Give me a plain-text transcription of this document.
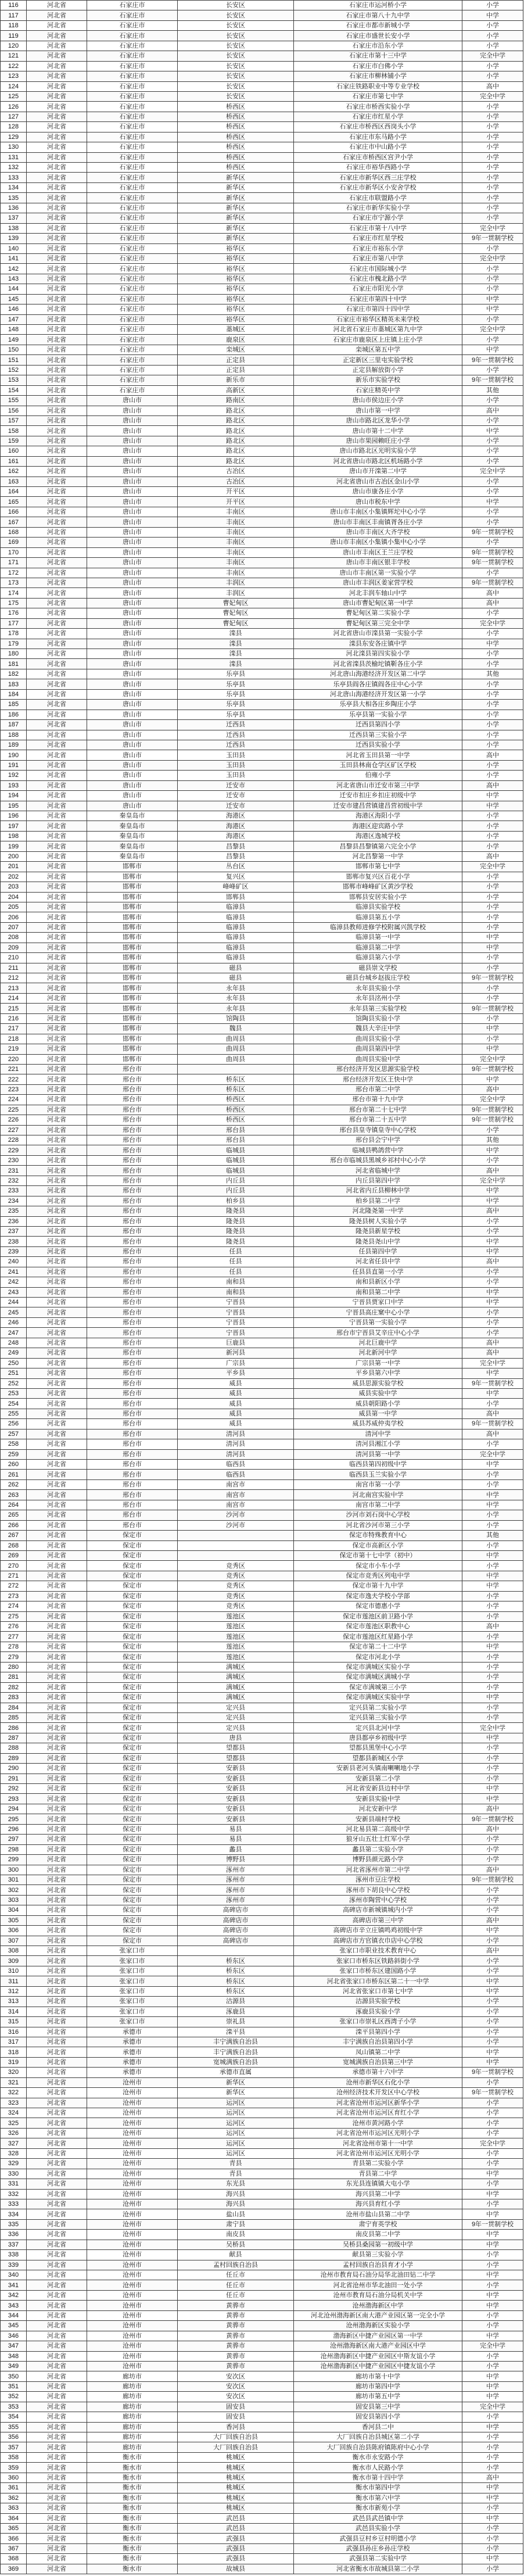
116	河北省	石家庄市	长安区	石家庄市运河桥小学	小学
117	河北省	石家庄市	长安区	石家庄市第八十九中学	中学
118	河北省	石家庄市	长安区	石家庄市都市新城小学	小学
119	河北省	石家庄市	长安区	石家庄市盛世长安小学	小学
120	河北省	石家庄市	长安区	石家庄市沿东小学	小学
121	河北省	石家庄市	长安区	石家庄市第十三中学	完全中学
122	河北省	石家庄市	长安区	石家庄市白佛小学	小学
123	河北省	石家庄市	长安区	石家庄市柳林铺小学	小学
124	河北省	石家庄市	长安区	石家庄铁路职业中等专业学校	高中
125	河北省	石家庄市	长安区	石家庄市第七中学	完全中学
126	河北省	石家庄市	桥西区	石家庄市桥西实验小学	小学
127	河北省	石家庄市	桥西区	石家庄市红星小学	小学
128	河北省	石家庄市	桥西区	石家庄市桥西区西岗头小学	小学
129	河北省	石家庄市	桥西区	石家庄市东马路小学	小学
130	河北省	石家庄市	桥西区	石家庄市中山路小学	小学
131	河北省	石家庄市	桥西区	石家庄市桥西区宫尹小学	小学
132	河北省	石家庄市	桥西区	石家庄市裕华西路小学	小学
133	河北省	石家庄市	新华区	石家庄市新华区西三庄学校	小学
134	河北省	石家庄市	新华区	石家庄市新华区小安舍学校	小学
135	河北省	石家庄市	新华区	石家庄市联盟路小学	小学
136	河北省	石家庄市	新华区	石家庄市新华实验小学	小学
137	河北省	石家庄市	新华区	石家庄市宁源小学	小学
138	河北省	石家庄市	新华区	石家庄市第十八中学	完全中学
139	河北省	石家庄市	新华区	石家庄市红星学校	9年一贯制学校
140	河北省	石家庄市	裕华区	石家庄市裕东小学	小学
141	河北省	石家庄市	裕华区	石家庄市第八中学	完全中学
142	河北省	石家庄市	裕华区	石家庄市国际城小学	小学
143	河北省	石家庄市	裕华区	石家庄市槐北路小学	小学
144	河北省	石家庄市	裕华区	石家庄市阳光小学	小学
145	河北省	石家庄市	裕华区	石家庄市第四十中学	中学
146	河北省	石家庄市	裕华区	石家庄市第四十四中学	中学
147	河北省	石家庄市	裕华区	石家庄市裕华区精英未来学校	小学
148	河北省	石家庄市	藁城区	河北省石家庄市藁城区第九中学	完全中学
149	河北省	石家庄市	鹿泉区	石家庄市鹿泉区上庄镇上庄小学	小学
150	河北省	石家庄市	栾城区	栾城区第五中学	中学
151	河北省	石家庄市	正定县	正定新区三里屯实验学校	9年一贯制学校
152	河北省	石家庄市	正定县	正定县解放街小学	小学
153	河北省	石家庄市	新乐市	新乐市实验学校	9年一贯制学校
154	河北省	石家庄市	高新区	石家庄精英中学	其他
155	河北省	唐山市	路南区	唐山市侯边庄小学	小学
156	河北省	唐山市	路北区	唐山市第一中学	高中
157	河北省	唐山市	路北区	唐山市路北区龙华小学	小学
158	河北省	唐山市	路北区	唐山市第十二中学	中学
159	河北省	唐山市	路北区	唐山市果园赖旺庄小学	小学
160	河北省	唐山市	路北区	唐山市路北区光明实验小学	小学
161	河北省	唐山市	路北区	河北省唐山市路北区机场路小学	小学
162	河北省	唐山市	古冶区	唐山市开滦第二中学	完全中学
163	河北省	唐山市	古冶区	河北省唐山市古冶区金山小学	小学
164	河北省	唐山市	开平区	唐山市康各庄小学	小学
165	河北省	唐山市	开平区	唐山市税东中学	中学
166	河北省	唐山市	丰南区	唐山市丰南区小集镇辉坨中心小学	小学
167	河北省	唐山市	丰南区	唐山市丰南区丰南镇胥各庄小学	小学
168	河北省	唐山市	丰南区	唐山市丰南区大齐学校	9年一贯制学校
169	河北省	唐山市	丰南区	唐山市丰南区小集镇小集中心小学	小学
170	河北省	唐山市	丰南区	唐山市丰南区王兰庄学校	9年一贯制学校
171	河北省	唐山市	丰南区	唐山市丰南区银丰学校	9年一贯制学校
172	河北省	唐山市	丰南区	唐山市丰南区第一实验小学	小学
173	河北省	唐山市	丰润区	唐山市丰润区姜家营学校	9年一贯制学校
174	河北省	唐山市	丰润区	河北丰润车轴山中学	高中
175	河北省	唐山市	曹妃甸区	唐山市曹妃甸区第一中学	高中
176	河北省	唐山市	曹妃甸区	曹妃甸区第二实验小学	小学
177	河北省	唐山市	曹妃甸区	曹妃甸区第三完全中学	完全中学
178	河北省	唐山市	滦县	河北省唐山市滦县第一实验小学	小学
179	河北省	唐山市	滦县	滦县东安各庄镇中学	中学
180	河北省	唐山市	滦县	河北滦县第四实验小学	小学
181	河北省	唐山市	滦县	河北省滦县茨榆坨镇靳各庄小学	小学
182	河北省	唐山市	乐亭县	河北唐山海港经济开发区第二中学	其他
183	河北省	唐山市	乐亭县	乐亭县阎各庄镇阎各庄中心小学	小学
184	河北省	唐山市	乐亭县	河北唐山海港经济开发区第一小学	小学
185	河北省	唐山市	乐亭县	乐亭县大相各庄乡陶庄小学	小学
186	河北省	唐山市	乐亭县	乐亭县第一实验小学	小学
187	河北省	唐山市	迁西县	迁西县第四小学	小学
188	河北省	唐山市	迁西县	迁西县第三实验小学	小学
189	河北省	唐山市	迁西县	迁西县实验小学	小学
190	河北省	唐山市	玉田县	河北省玉田县第一中学	高中
191	河北省	唐山市	玉田县	玉田县林南仓学区矿区学校	小学
192	河北省	唐山市	玉田县	伯雍小学	小学
193	河北省	唐山市	迁安市	河北省唐山市迁安市第三中学	高中
194	河北省	唐山市	迁安市	迁安市扣庄乡扣庄初级中学	中学
195	河北省	唐山市	迁安市	迁安市建昌营镇建昌营初级中学	中学
196	河北省	秦皇岛市	海港区	海港区海阳小学	小学
197	河北省	秦皇岛市	海港区	海港区迎宾路小学	小学
198	河北省	秦皇岛市	海港区	海港区逸城学校	小学
199	河北省	秦皇岛市	昌黎县	昌黎县昌黎镇第六完全小学	小学
200	河北省	秦皇岛市	昌黎县	河北昌黎第一中学	高中
201	河北省	邯郸市	丛台区	邯郸市第七中学	完全中学
202	河北省	邯郸市	复兴区	邯郸市复兴区百花小学	小学
203	河北省	邯郸市	峰峰矿区	邯郸市峰峰矿区黄沙学校	小学
204	河北省	邯郸市	邯郸县	邯郸县安居实验小学	小学
205	河北省	邯郸市	临漳县	临漳县实验学校	小学
206	河北省	邯郸市	临漳县	临漳县第五小学	小学
207	河北省	邯郸市	临漳县	临漳县教师进修学校附属兴凯学校	小学
208	河北省	邯郸市	临漳县	临漳县第一中学	中学
209	河北省	邯郸市	临漳县	临漳县第二中学	中学
210	河北省	邯郸市	临漳县	临漳县第六小学	小学
211	河北省	邯郸市	磁县	磁县崇文学校	小学
212	河北省	邯郸市	磁县	磁县台城乡赵拔庄学校	9年一贯制学校
213	河北省	邯郸市	永年县	永年县实验小学	小学
214	河北省	邯郸市	永年县	永年县洺州小学	小学
215	河北省	邯郸市	永年县	永年县第三实验学校	9年一贯制学校
216	河北省	邯郸市	馆陶县	馆陶县实验小学	小学
217	河北省	邯郸市	魏县	魏县大辛庄中学	中学
218	河北省	邯郸市	曲周县	曲周县实验小学	小学
219	河北省	邯郸市	曲周县	曲周县第四中学	中学
220	河北省	邯郸市	曲周县	曲周县实验中学	完全中学
221	河北省	邢台市		邢台经济开发区思源实验学校	9年一贯制学校
222	河北省	邢台市	桥东区	邢台经济开发区王快中学	中学
223	河北省	邢台市	桥东区	邢台市第二中学	高中
224	河北省	邢台市	桥西区	邢台市第十九中学	完全中学
225	河北省	邢台市	桥西区	邢台市第二十七中学	9年一贯制学校
226	河北省	邢台市	桥西区	邢台市第二十五中学	9年一贯制学校
227	河北省	邢台市	邢台县	邢台县皇寺镇皇寺中心学校	小学
228	河北省	邢台市	邢台县	邢台县会宁中学	其他
229	河北省	邢台市	临城县	临城县鸭鸽营中学	中学
230	河北省	邢台市	临城县	邢台市临城县黑城乡祁村中心小学	小学
231	河北省	邢台市	临城县	河北省临城中学	高中
232	河北省	邢台市	内丘县	内丘县第四中学	完全中学
233	河北省	邢台市	内丘县	河北省内丘县柳林中学	中学
234	河北省	邢台市	柏乡县	柏乡县第二中学	中学
235	河北省	邢台市	隆尧县	河北隆尧第一中学	高中
236	河北省	邢台市	隆尧县	隆尧县树人实验小学	小学
237	河北省	邢台市	隆尧县	隆尧县新星学校	小学
238	河北省	邢台市	隆尧县	隆尧县尧山中学	中学
239	河北省	邢台市	任县	任县第四中学	中学
240	河北省	邢台市	任县	河北省任县中学	高中
241	河北省	邢台市	任县	任县县直第一小学	小学
242	河北省	邢台市	南和县	南和县新区小学	小学
243	河北省	邢台市	南和县	南和县第二中学	中学
244	河北省	邢台市	宁晋县	宁晋县贾家口中学	中学
245	河北省	邢台市	宁晋县	宁晋县高庄窠中心小学	小学
246	河北省	邢台市	宁晋县	宁晋县第一实验小学	小学
247	河北省	邢台市	宁晋县	邢台市宁晋县艾辛庄中心小学	小学
248	河北省	邢台市	巨鹿县	河北巨鹿中学	高中
249	河北省	邢台市	新河县	河北新河中学	高中
250	河北省	邢台市	广宗县	广宗县第一中学	完全中学
251	河北省	邢台市	平乡县	平乡县第六中学	中学
252	河北省	邢台市	威县	威县思源实验学校	9年一贯制学校
253	河北省	邢台市	威县	威县实验中学	中学
254	河北省	邢台市	威县	威县朝阳路小学	小学
255	河北省	邢台市	威县	威县第一中学	高中
256	河北省	邢台市	威县	威县苏威仲夷学校	9年一贯制学校
257	河北省	邢台市	清河县	清河中学	高中
258	河北省	邢台市	清河县	清河县湘江小学	小学
259	河北省	邢台市	清河县	清河县第一中学	完全中学
260	河北省	邢台市	临西县	临西县第四初级中学	中学
261	河北省	邢台市	临西县	临西县玉兰实验小学	小学
262	河北省	邢台市	南宫市	南宫市第一小学	小学
263	河北省	邢台市	南宫市	河北南宫实验中学	中学
264	河北省	邢台市	南宫市	南宫市第二中学	中学
265	河北省	邢台市	沙河市	沙河市刘石岗中心学校	小学
266	河北省	邢台市	沙河市	河北省沙河市第三小学	小学
267	河北省	保定市		保定市特殊教育中心	其他
268	河北省	保定市		保定市高新区小学	小学
269	河北省	保定市		保定市第十七中学（初中）	中学
270	河北省	保定市	竞秀区	保定市小车小学	小学
271	河北省	保定市	竞秀区	保定市竞秀区列电中学	中学
272	河北省	保定市	竞秀区	保定市第十九中学	中学
273	河北省	保定市	竞秀区	保定市逸夫学校小学部	小学
274	河北省	保定市	竞秀区	保定市德惠小学	小学
275	河北省	保定市	莲池区	保定市莲池区前卫路小学	小学
276	河北省	保定市	莲池区	保定市莲池区职教中心	高中
277	河北省	保定市	莲池区	保定市莲池区红星路小学	小学
278	河北省	保定市	莲池区	保定市第二十二中学	中学
279	河北省	保定市	莲池区	保定市河北小学	小学
280	河北省	保定市	满城区	保定市满城区实验小学	小学
281	河北省	保定市	满城区	保定市满城区满城小学	小学
282	河北省	保定市	满城区	保定市满城第三小学	小学
283	河北省	保定市	满城区	保定市满城区实验中学	中学
284	河北省	保定市	定兴县	定兴县第二实验小学	小学
285	河北省	保定市	定兴县	定兴县第三实验小学	小学
286	河北省	保定市	定兴县	定兴县北河中学	完全中学
287	河北省	保定市	唐县	唐县都亭乡初级中学	中学
288	河北省	保定市	望都县	望都县黑堡中心小学	小学
289	河北省	保定市	望都县	望都县新城区小学	小学
290	河北省	保定市	安新县	安新县老河头镇南喇喇地小学	小学
291	河北省	保定市	安新县	安新县第二小学	小学
292	河北省	保定市	安新县	河北省安新县边村中学	中学
293	河北省	保定市	安新县	安新县实验中学	中学
294	河北省	保定市	安新县	河北安新中学	高中
295	河北省	保定市	安新县	安新县端村学校	9年一贯制学校
296	河北省	保定市	易县	河北易县第二高级中学	高中
297	河北省	保定市	易县	狼牙山五壮士红军小学	小学
298	河北省	保定市	蠡县	蠡县第二实验小学	小学
299	河北省	保定市	博野县	博野县颜元路小学	小学
300	河北省	保定市	涿州市	河北省涿州市第二中学	高中
301	河北省	保定市	涿州市	涿州市豆庄学校	9年一贯制学校
302	河北省	保定市	涿州市	涿州市下胡良中心学校	小学
303	河北省	保定市	涿州市	涿州市陶营中心学校	小学
304	河北省	保定市	高碑店市	高碑店市新城镇城内小学	小学
305	河北省	保定市	高碑店市	高碑店市第三中学	高中
306	河北省	保定市	高碑店市	高碑店市辛立庄镇鸣鸡初级中学	中学
307	河北省	保定市	高碑店市	高碑店市方官镇衣巾店中心学校	小学
308	河北省	张家口市		张家口市职业技术教育中心	高中
309	河北省	张家口市	桥东区	张家口市桥东区铁路斜街小学	小学
310	河北省	张家口市	桥东区	张家口市桥东区建国路小学	小学
311	河北省	张家口市	桥东区	河北省张家口市桥东区第二十一中学	中学
312	河北省	张家口市	桥东区	河北省张家口市第七中学	中学
313	河北省	张家口市	沽源县	沽源县实验学校	小学
314	河北省	张家口市	涿鹿县	涿鹿县实验小学	小学
315	河北省	张家口市	崇礼县	张家口市崇礼区西湾子小学	小学
316	河北省	承德市	滦平县	滦平县第四小学	小学
317	河北省	承德市	丰宁满族自治县	丰宁满族自治县第四小学	小学
318	河北省	承德市	丰宁满族自治县	凤山镇第二中学	中学
319	河北省	承德市	宽城满族自治县	宽城满族自治县第三中学	中学
320	河北省	承德市	承德市直属	承德市第十六中学	9年一贯制学校
321	河北省	沧州市	新华区	沧州市新华区石化小学	小学
322	河北省	沧州市	新华区	沧州经济技术开发区中心学校	9年一贯制学校
323	河北省	沧州市	运河区	河北省沧州市运河区新华小学	小学
324	河北省	沧州市	运河区	河北省沧州市运河区育红小学	小学
325	河北省	沧州市	运河区	沧州市黄河路小学	小学
326	河北省	沧州市	运河区	河北省沧州市运河区光明小学	小学
327	河北省	沧州市	运河区	河北省沧州市第十一中学	完全中学
328	河北省	沧州市	运河区	河北省沧州市运河区光明小学	小学
329	河北省	沧州市	青县	青县第二实验小学	小学
330	河北省	沧州市	青县	青县第二中学	中学
331	河北省	沧州市	东光县	东光县连镇镇大屯小学	小学
332	河北省	沧州市	海兴县	海兴县第二中学	中学
333	河北省	沧州市	海兴县	海兴县育红小学	小学
334	河北省	沧州市	盐山县	沧州市盐山县第二中学	中学
335	河北省	沧州市	肃宁县	肃宁育英学校	9年一贯制学校
336	河北省	沧州市	南皮县	南皮县第二中学	中学
337	河北省	沧州市	吴桥县	吴桥县桑园第一初级中学	中学
338	河北省	沧州市	献县	献县第三实验小学	小学
339	河北省	沧州市	孟村回族自治县	孟村回族自治县育才小学	小学
340	河北省	沧州市	任丘市	沧州市教育局石油分局华北油田钻二中学	中学
341	河北省	沧州市	任丘市	河北省沧州市华北油田一处小学	小学
342	河北省	沧州市	任丘市	沧州市教育局石油分局机关中学	中学
343	河北省	沧州市	黄骅市	沧州渤海新区中学	中学
344	河北省	沧州市	黄骅市	河北沧州渤海新区南大港产业园区第一完全小学	小学
345	河北省	沧州市	黄骅市	沧州渤海新区实验小学	小学
346	河北省	沧州市	黄骅市	渤海新区中捷产业园区第一中学	中学
347	河北省	沧州市	黄骅市	沧州渤海新区南大港产业园区中学	完全中学
348	河北省	沧州市	黄骅市	沧州渤海新区中捷产业园区中斯友谊小学	小学
349	河北省	沧州市	黄骅市	沧州渤海新区中捷产业园区中捷友谊小学	小学
350	河北省	廊坊市	安次区	廊坊市第十中学	中学
351	河北省	廊坊市	安次区	廊坊市第四中学	中学
352	河北省	廊坊市	安次区	廊坊市第五中学	中学
353	河北省	廊坊市	固安县	固安县第三中学	完全中学
354	河北省	廊坊市	固安县	固安县第四小学	小学
355	河北省	廊坊市	香河县	香河县二中	中学
356	河北省	廊坊市	大厂回族自治县	大厂回族自治县城区第二小学	小学
357	河北省	廊坊市	大厂回族自治县	大厂回族自治县陈府镇陈府中心小学	小学
358	河北省	衡水市	桃城区	衡水市永安路小学	小学
359	河北省	衡水市	桃城区	衡水市人民路小学	小学
360	河北省	衡水市	桃城区	衡水市第十四中学	高中
361	河北省	衡水市	桃城区	衡水市第四中学	中学
362	河北省	衡水市	桃城区	衡水市第六中学	中学
363	河北省	衡水市	桃城区	衡水市新苑小学	小学
364	河北省	衡水市	武邑县	武邑县武邑镇中学	中学
365	河北省	衡水市	武邑县	武邑县实验小学	小学
366	河北省	衡水市	武强县	武强县豆村乡豆村明德小学	小学
367	河北省	衡水市	武强县	武强县孙庄乡孙庄学校	小学
368	河北省	衡水市	武强县	武强县第二实验中学	中学
369	河北省	衡水市	故城县	河北省衡水市故城县第二小学	小学
